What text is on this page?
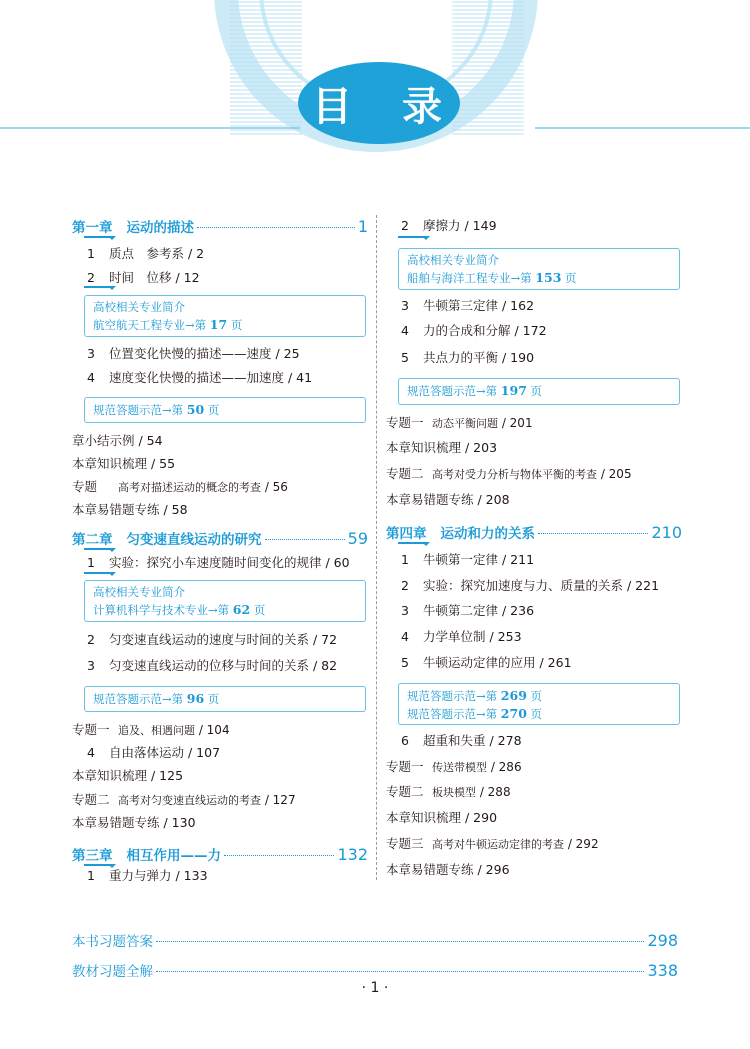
目 录
第一章 运动的描述	1
1 质点　参考系 / 2
2 时间　位移 / 12
高校相关专业简介
航空航天工程专业→第 17 页
3 位置变化快慢的描述——速度 / 25
4 速度变化快慢的描述——加速度 / 41
规范答题示范→第 50 页
章小结示例 / 54
本章知识梳理 / 55
专题 高考对描述运动的概念的考查 / 56
本章易错题专练 / 58
第二章 匀变速直线运动的研究	59
1 实验：探究小车速度随时间变化的规律 / 60
高校相关专业简介
计算机科学与技术专业→第 62 页
2 匀变速直线运动的速度与时间的关系 / 72
3 匀变速直线运动的位移与时间的关系 / 82
规范答题示范→第 96 页
专题一 追及、相遇问题 / 104
4 自由落体运动 / 107
本章知识梳理 / 125
专题二 高考对匀变速直线运动的考查 / 127
本章易错题专练 / 130
第三章 相互作用——力	132
1 重力与弹力 / 133
2 摩擦力 / 149
高校相关专业简介
船舶与海洋工程专业→第 153 页
3 牛顿第三定律 / 162
4 力的合成和分解 / 172
5 共点力的平衡 / 190
规范答题示范→第 197 页
专题一 动态平衡问题 / 201
本章知识梳理 / 203
专题二 高考对受力分析与物体平衡的考查 / 205
本章易错题专练 / 208
第四章 运动和力的关系	210
1 牛顿第一定律 / 211
2 实验：探究加速度与力、质量的关系 / 221
3 牛顿第二定律 / 236
4 力学单位制 / 253
5 牛顿运动定律的应用 / 261
规范答题示范→第 269 页
规范答题示范→第 270 页
6 超重和失重 / 278
专题一 传送带模型 / 286
专题二 板块模型 / 288
本章知识梳理 / 290
专题三 高考对牛顿运动定律的考查 / 292
本章易错题专练 / 296
本书习题答案	298
教材习题全解	338
· 1 ·
